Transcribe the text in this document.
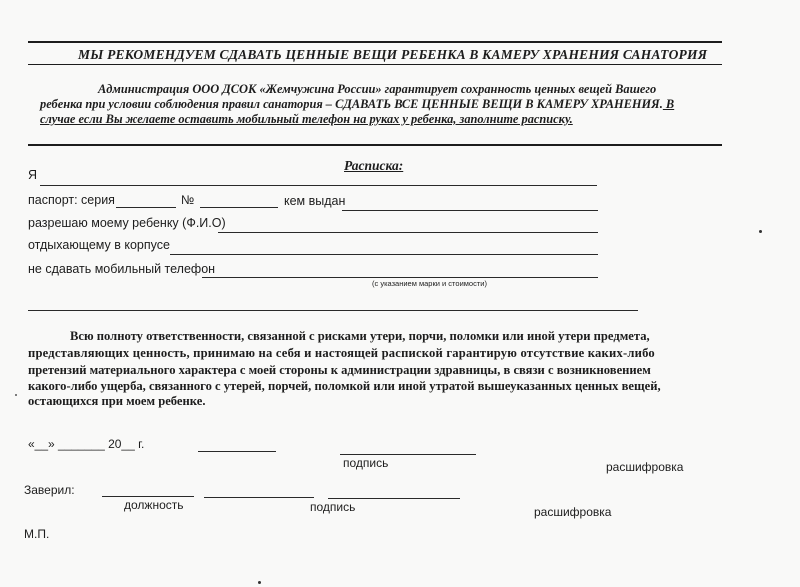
МЫ РЕКОМЕНДУЕМ СДАВАТЬ ЦЕННЫЕ ВЕЩИ РЕБЕНКА В КАМЕРУ ХРАНЕНИЯ САНАТОРИЯ
Администрация ООО ДСОК «Жемчужина России» гарантирует сохранность ценных вещей Вашего
ребенка при условии соблюдения правил санатория – СДАВАТЬ ВСЕ ЦЕННЫЕ ВЕЩИ В КАМЕРУ ХРАНЕНИЯ. В
случае если Вы желаете оставить мобильный телефон на руках у ребенка, заполните расписку.
Расписка:
Я
паспорт: серия	№	кем выдан
разрешаю моему ребенку (Ф.И.О)
отдыхающему в корпусе
не сдавать мобильный телефон
(с указанием марки и стоимости)
Всю полноту ответственности, связанной с рисками утери, порчи, поломки или иной утери предмета,
представляющих ценность, принимаю на себя и настоящей распиской гарантирую отсутствие каких-либо
претензий материального характера с моей стороны к администрации здравницы, в связи с возникновением
какого-либо ущерба, связанного с утерей, порчей, поломкой или иной утратой вышеуказанных ценных вещей,
остающихся при моем ребенке.
«__» _______ 20__ г.
подпись	расшифровка
Заверил:
должность	подпись	расшифровка
М.П.
